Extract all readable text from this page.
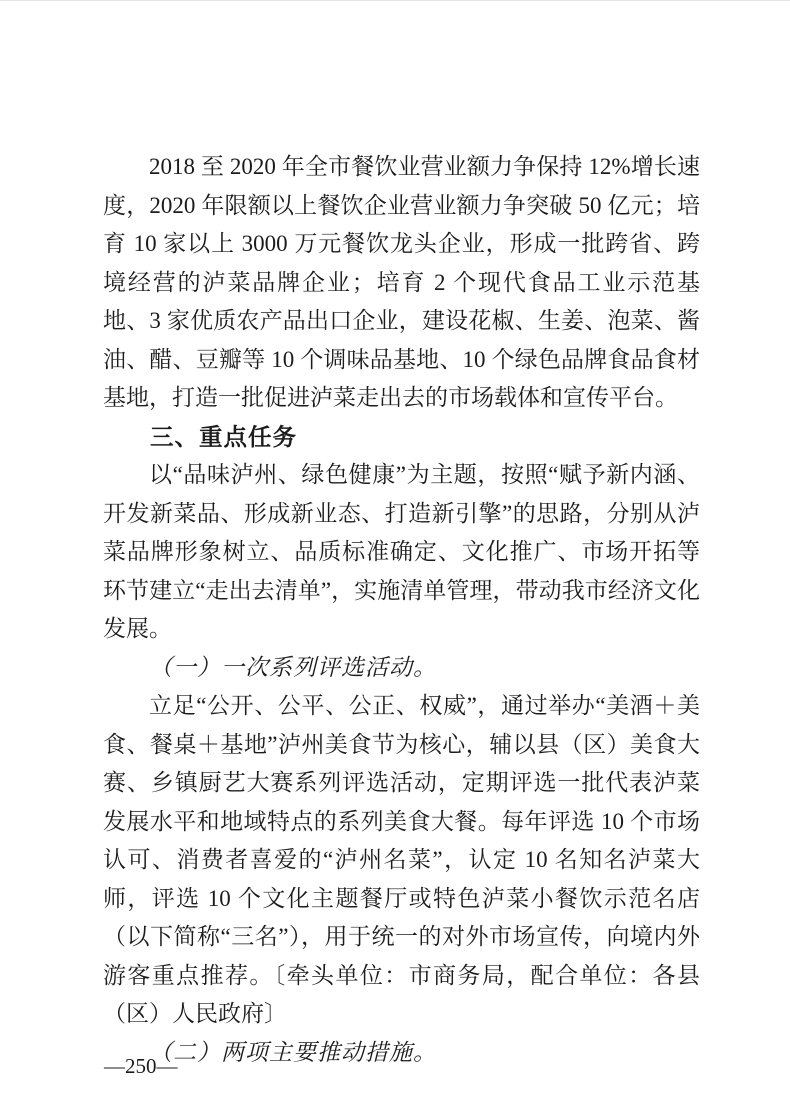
2018 至 2020 年全市餐饮业营业额力争保持 12%增长速度，2020 年限额以上餐饮企业营业额力争突破 50 亿元；培育 10 家以上 3000 万元餐饮龙头企业，形成一批跨省、跨境经营的泸菜品牌企业；培育 2 个现代食品工业示范基地、3 家优质农产品出口企业，建设花椒、生姜、泡菜、酱油、醋、豆瓣等 10 个调味品基地、10 个绿色品牌食品食材基地，打造一批促进泸菜走出去的市场载体和宣传平台。

三、重点任务

以“品味泸州、绿色健康”为主题，按照“赋予新内涵、开发新菜品、形成新业态、打造新引擎”的思路，分别从泸菜品牌形象树立、品质标准确定、文化推广、市场开拓等环节建立“走出去清单”，实施清单管理，带动我市经济文化发展。

（一）一次系列评选活动。

立足“公开、公平、公正、权威”，通过举办“美酒＋美食、餐桌＋基地”泸州美食节为核心，辅以县（区）美食大赛、乡镇厨艺大赛系列评选活动，定期评选一批代表泸菜发展水平和地域特点的系列美食大餐。每年评选 10 个市场认可、消费者喜爱的“泸州名菜”，认定 10 名知名泸菜大师，评选 10 个文化主题餐厅或特色泸菜小餐饮示范名店（以下简称“三名”），用于统一的对外市场宣传，向境内外游客重点推荐。〔牵头单位：市商务局，配合单位：各县（区）人民政府〕

（二）两项主要推动措施。

—250—
